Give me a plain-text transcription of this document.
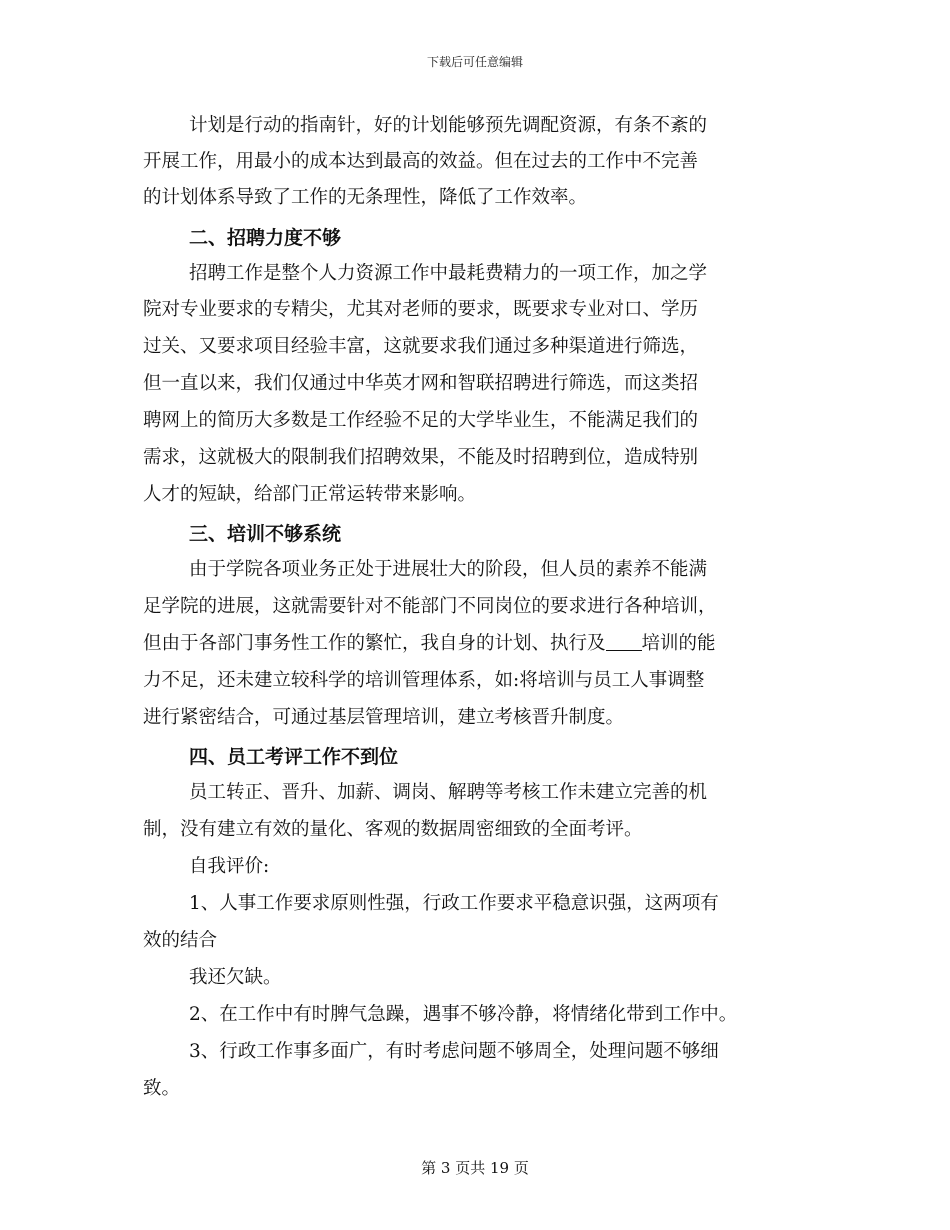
下载后可任意编辑
计划是行动的指南针，好的计划能够预先调配资源，有条不紊的
开展工作，用最小的成本达到最高的效益。但在过去的工作中不完善
的计划体系导致了工作的无条理性，降低了工作效率。
二、招聘力度不够
招聘工作是整个人力资源工作中最耗费精力的一项工作，加之学
院对专业要求的专精尖，尤其对老师的要求，既要求专业对口、学历
过关、又要求项目经验丰富，这就要求我们通过多种渠道进行筛选，
但一直以来，我们仅通过中华英才网和智联招聘进行筛选，而这类招
聘网上的简历大多数是工作经验不足的大学毕业生，不能满足我们的
需求，这就极大的限制我们招聘效果，不能及时招聘到位，造成特别
人才的短缺，给部门正常运转带来影响。
三、培训不够系统
由于学院各项业务正处于进展壮大的阶段，但人员的素养不能满
足学院的进展，这就需要针对不能部门不同岗位的要求进行各种培训，
但由于各部门事务性工作的繁忙，我自身的计划、执行及 培训的能
力不足，还未建立较科学的培训管理体系，如:将培训与员工人事调整
进行紧密结合，可通过基层管理培训，建立考核晋升制度。
四、员工考评工作不到位
员工转正、晋升、加薪、调岗、解聘等考核工作未建立完善的机
制，没有建立有效的量化、客观的数据周密细致的全面考评。
自我评价:
1、人事工作要求原则性强，行政工作要求平稳意识强，这两项有
效的结合
我还欠缺。
2、在工作中有时脾气急躁，遇事不够冷静，将情绪化带到工作中。
3、行政工作事多面广，有时考虑问题不够周全，处理问题不够细
致。
第 3 页共 19 页
